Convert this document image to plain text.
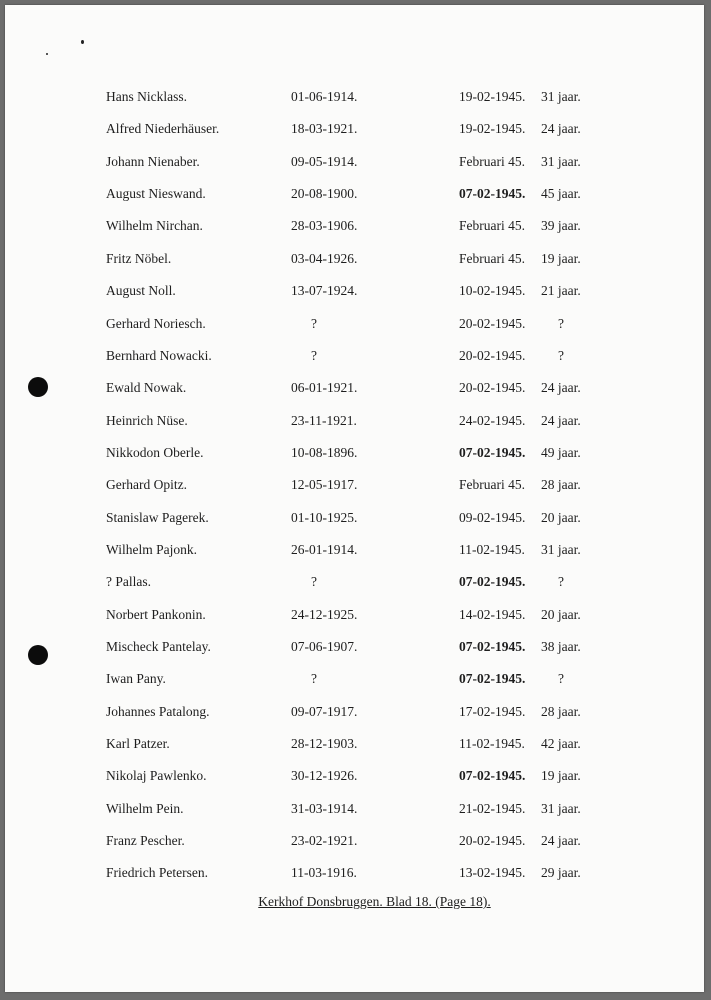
Hans Nicklass.	01-06-1914.	19-02-1945. 31 jaar.
Alfred Niederhäuser.	18-03-1921.	19-02-1945. 24 jaar.
Johann Nienaber.	09-05-1914.	Februari 45. 31 jaar.
August Nieswand.	20-08-1900.	07-02-1945. 45 jaar.
Wilhelm Nirchan.	28-03-1906.	Februari 45. 39 jaar.
Fritz Nöbel.	03-04-1926.	Februari 45. 19 jaar.
August Noll.	13-07-1924.	10-02-1945. 21 jaar.
Gerhard Noriesch.	?	20-02-1945. ?
Bernhard Nowacki.	?	20-02-1945. ?
Ewald Nowak.	06-01-1921.	20-02-1945. 24 jaar.
Heinrich Nüse.	23-11-1921.	24-02-1945. 24 jaar.
Nikkodon Oberle.	10-08-1896.	07-02-1945. 49 jaar.
Gerhard Opitz.	12-05-1917.	Februari 45. 28 jaar.
Stanislaw Pagerek.	01-10-1925.	09-02-1945. 20 jaar.
Wilhelm Pajonk.	26-01-1914.	11-02-1945. 31 jaar.
? Pallas.	?	07-02-1945. ?
Norbert Pankonin.	24-12-1925.	14-02-1945. 20 jaar.
Mischeck Pantelay.	07-06-1907.	07-02-1945. 38 jaar.
Iwan Pany.	?	07-02-1945. ?
Johannes Patalong.	09-07-1917.	17-02-1945. 28 jaar.
Karl Patzer.	28-12-1903.	11-02-1945. 42 jaar.
Nikolaj Pawlenko.	30-12-1926.	07-02-1945. 19 jaar.
Wilhelm Pein.	31-03-1914.	21-02-1945. 31 jaar.
Franz Pescher.	23-02-1921.	20-02-1945. 24 jaar.
Friedrich Petersen.	11-03-1916.	13-02-1945. 29 jaar.
Kerkhof Donsbruggen. Blad 18. (Page 18).
